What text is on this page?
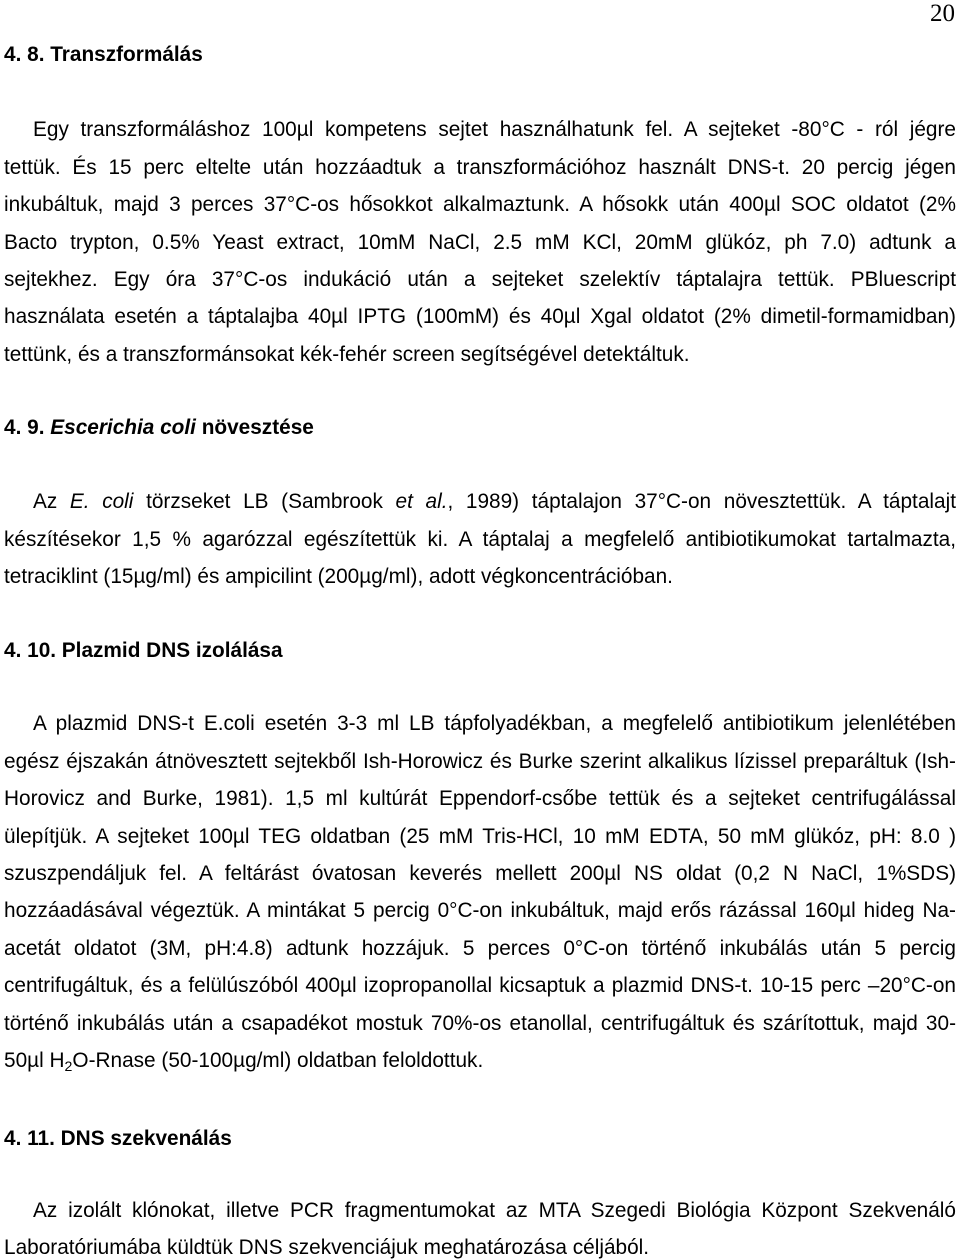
20
4. 8. Transzformálás
Egy transzformáláshoz 100µl kompetens sejtet használhatunk fel. A sejteket -80°C - ról jégre
tettük. És 15 perc eltelte után hozzáadtuk a transzformációhoz használt DNS-t. 20 percig jégen
inkubáltuk, majd 3 perces 37°C-os hősokkot alkalmaztunk. A hősokk után 400µl SOC oldatot (2%
Bacto trypton, 0.5% Yeast extract, 10mM NaCl, 2.5 mM KCl, 20mM glükóz, ph 7.0) adtunk a
sejtekhez. Egy óra 37°C-os indukáció után a sejteket szelektív táptalajra tettük. PBluescript
használata esetén a táptalajba 40µl IPTG (100mM) és 40µl Xgal oldatot (2% dimetil-formamidban)
tettünk, és a transzformánsokat kék-fehér screen segítségével detektáltuk.
4. 9. Escerichia coli növesztése
Az E. coli törzseket LB (Sambrook et al., 1989) táptalajon 37°C-on növesztettük. A táptalajt
készítésekor 1,5 % agarózzal egészítettük ki. A táptalaj a megfelelő antibiotikumokat tartalmazta,
tetraciklint (15µg/ml) és ampicilint (200µg/ml), adott végkoncentrációban.
4. 10. Plazmid DNS izolálása
A plazmid DNS-t E.coli esetén 3-3 ml LB tápfolyadékban, a megfelelő antibiotikum jelenlétében
egész éjszakán átnövesztett sejtekből Ish-Horowicz és Burke szerint alkalikus lízissel preparáltuk (Ish-
Horovicz and Burke, 1981). 1,5 ml kultúrát Eppendorf-csőbe tettük és a sejteket centrifugálással
ülepítjük. A sejteket 100µl TEG oldatban (25 mM Tris-HCl, 10 mM EDTA, 50 mM glükóz, pH: 8.0 )
szuszpendáljuk fel. A feltárást óvatosan keverés mellett 200µl NS oldat (0,2 N NaCl, 1%SDS)
hozzáadásával végeztük. A mintákat 5 percig 0°C-on inkubáltuk, majd erős rázással 160µl hideg Na-
acetát oldatot (3M, pH:4.8) adtunk hozzájuk. 5 perces 0°C-on történő inkubálás után 5 percig
centrifugáltuk, és a felülúszóból 400µl izopropanollal kicsaptuk a plazmid DNS-t. 10-15 perc –20°C-on
történő inkubálás után a csapadékot mostuk 70%-os etanollal, centrifugáltuk és szárítottuk, majd 30-
50µl $H_2O$-Rnase (50-100µg/ml) oldatban feloldottuk.
4. 11. DNS szekvenálás
Az izolált klónokat, illetve PCR fragmentumokat az MTA Szegedi Biológia Központ Szekvenáló
Laboratóriumába küldtük DNS szekvenciájuk meghatározása céljából.
